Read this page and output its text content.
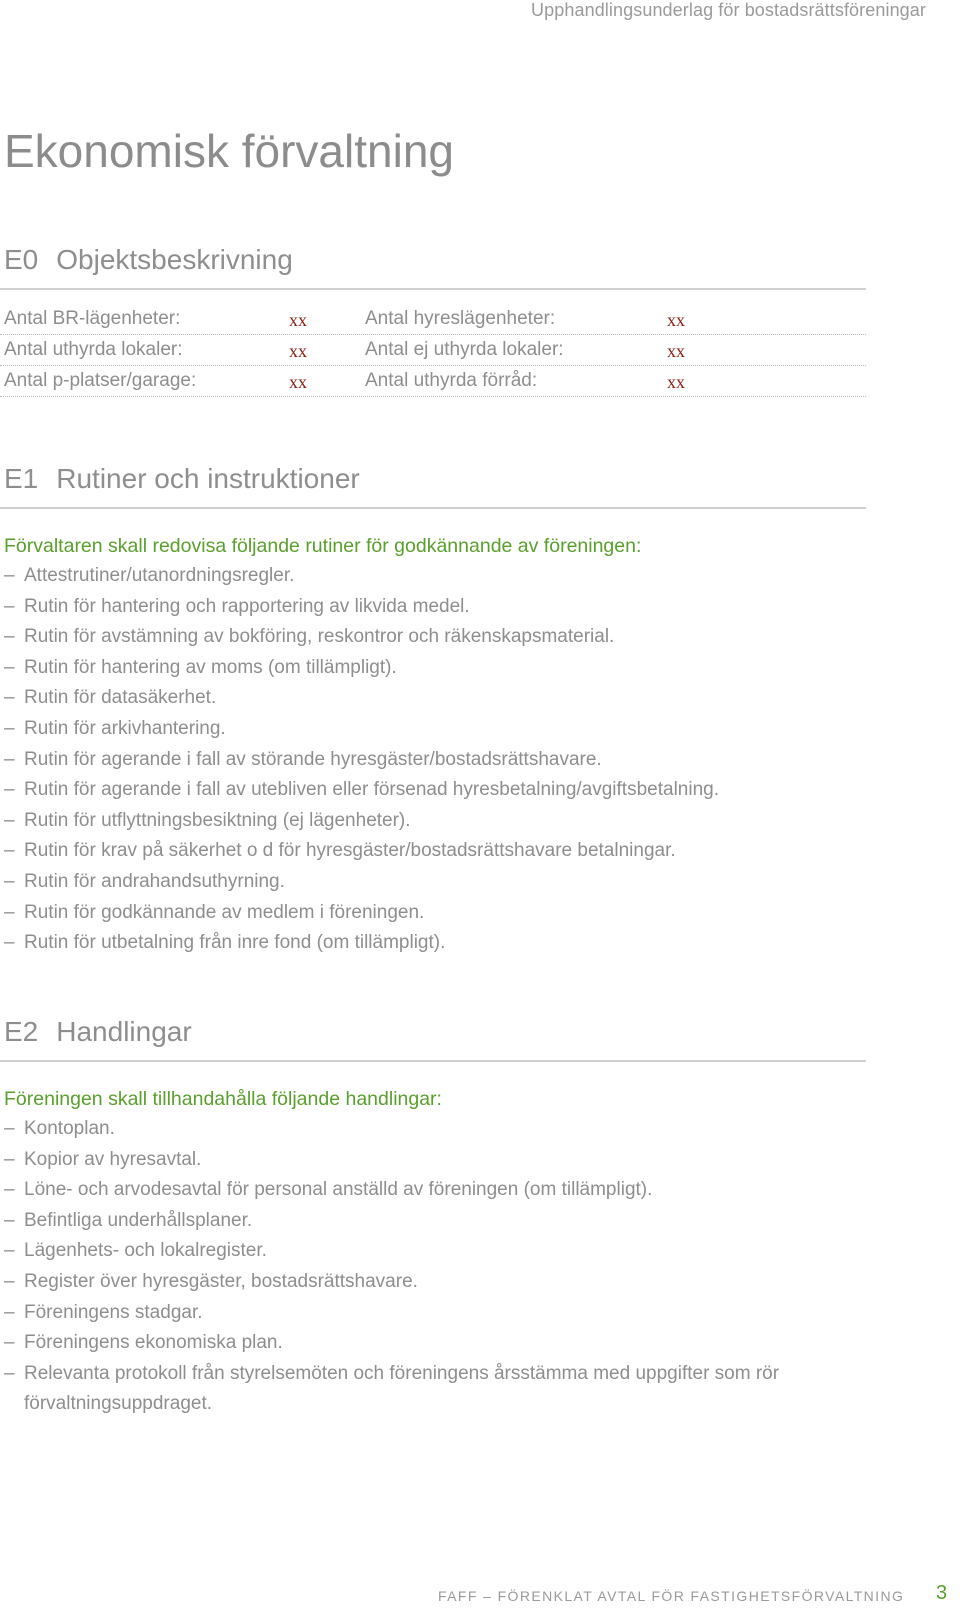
Upphandlingsunderlag för bostadsrättsföreningar
Ekonomisk förvaltning
E0 Objektsbeskrivning
Antal BR-lägenheter:	xx	Antal hyreslägenheter:	xx
Antal uthyrda lokaler:	xx	Antal ej uthyrda lokaler:	xx
Antal p-platser/garage:	xx	Antal uthyrda förråd:	xx
E1 Rutiner och instruktioner

Förvaltaren skall redovisa följande rutiner för godkännande av föreningen:

– Attestrutiner/utanordningsregler.
– Rutin för hantering och rapportering av likvida medel.
– Rutin för avstämning av bokföring, reskontror och räkenskapsmaterial.
– Rutin för hantering av moms (om tillämpligt).
– Rutin för datasäkerhet.
– Rutin för arkivhantering.
– Rutin för agerande i fall av störande hyresgäster/bostadsrättshavare.
– Rutin för agerande i fall av utebliven eller försenad hyresbetalning/avgiftsbetalning.
– Rutin för utflyttningsbesiktning (ej lägenheter).
– Rutin för krav på säkerhet o d för hyresgäster/bostadsrättshavare betalningar.
– Rutin för andrahandsuthyrning.
– Rutin för godkännande av medlem i föreningen.
– Rutin för utbetalning från inre fond (om tillämpligt).
E2 Handlingar

Föreningen skall tillhandahålla följande handlingar:

– Kontoplan.
– Kopior av hyresavtal.
– Löne- och arvodesavtal för personal anställd av föreningen (om tillämpligt).
– Befintliga underhållsplaner.
– Lägenhets- och lokalregister.
– Register över hyresgäster, bostadsrättshavare.
– Föreningens stadgar.
– Föreningens ekonomiska plan.
– Relevanta protokoll från styrelsemöten och föreningens årsstämma med uppgifter som rör förvaltningsuppdraget.
FAFF – FÖRENKLAT AVTAL FÖR FASTIGHETSFÖRVALTNING 3
